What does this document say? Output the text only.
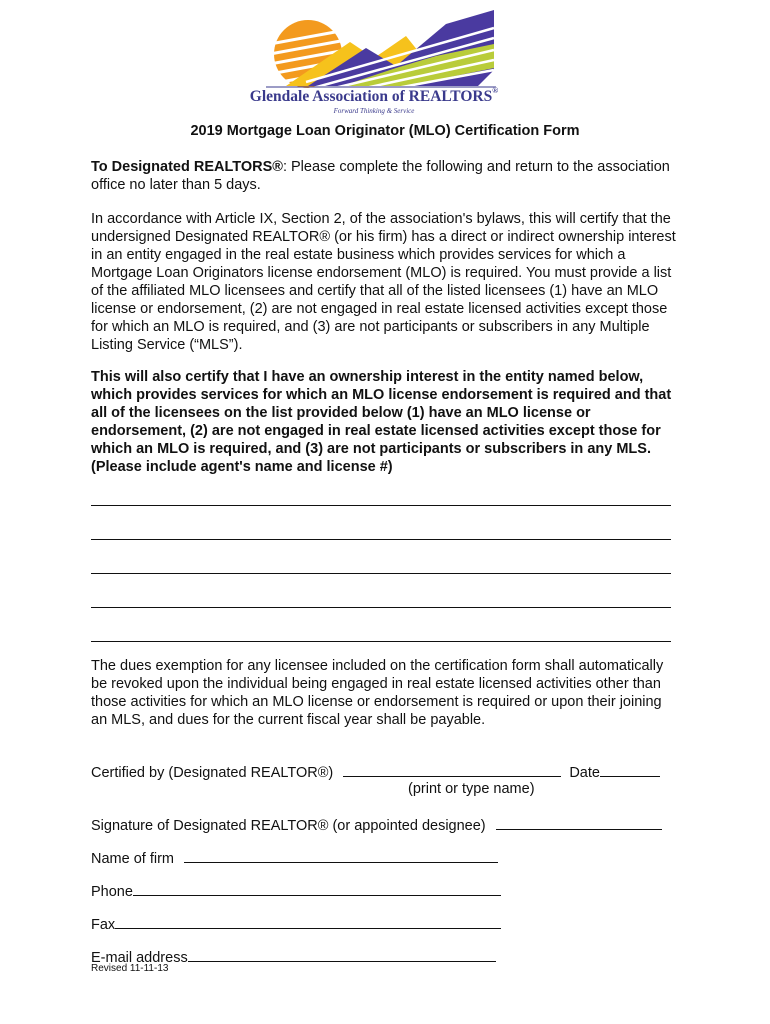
Glendale Association of REALTORS®
Forward Thinking & Service
2019 Mortgage Loan Originator (MLO) Certification Form
To Designated REALTORS®: Please complete the following and return to the association office no later than 5 days.
In accordance with Article IX, Section 2, of the association's bylaws, this will certify that the undersigned Designated REALTOR® (or his firm) has a direct or indirect ownership interest in an entity engaged in the real estate business which provides services for which a Mortgage Loan Originators license endorsement (MLO) is required. You must provide a list of the affiliated MLO licensees and certify that all of the listed licensees (1) have an MLO license or endorsement, (2) are not engaged in real estate licensed activities except those for which an MLO is required, and (3) are not participants or subscribers in any Multiple Listing Service (“MLS”).
This will also certify that I have an ownership interest in the entity named below, which provides services for which an MLO license endorsement is required and that all of the licensees on the list provided below (1) have an MLO license or endorsement, (2) are not engaged in real estate licensed activities except those for which an MLO is required, and (3) are not participants or subscribers in any MLS. (Please include agent's name and license #)
The dues exemption for any licensee included on the certification form shall automatically be revoked upon the individual being engaged in real estate licensed activities other than those activities for which an MLO license or endorsement is required or upon their joining an MLS, and dues for the current fiscal year shall be payable.
Certified by (Designated REALTOR®)	Date
(print or type name)
Signature of Designated REALTOR® (or appointed designee)
Name of firm
Phone
Fax
E-mail address
Revised 11-11-13
